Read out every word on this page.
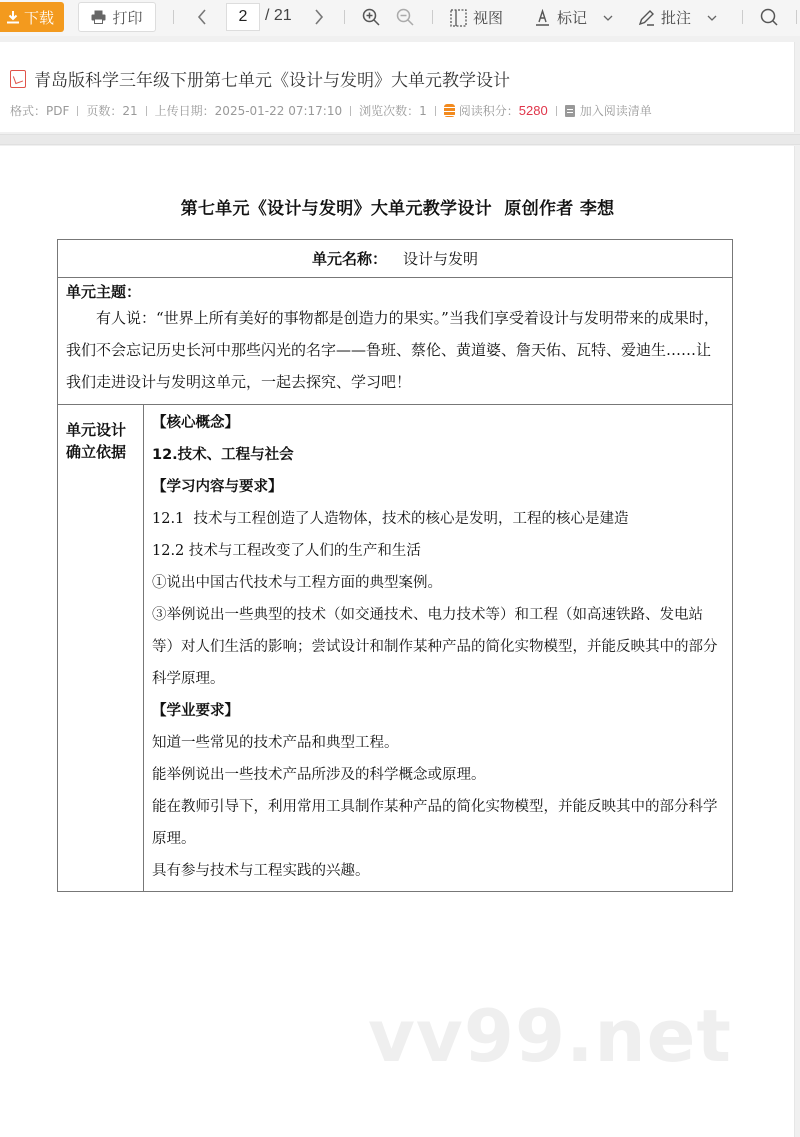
下载	打印	2	/ 21	视图	标记	批注
青岛版科学三年级下册第七单元《设计与发明》大单元教学设计
格式：PDF 页数：21 上传日期：2025-01-22 07:17:10 浏览次数：1	阅读积分： 5280	加入阅读清单
第七单元《设计与发明》大单元教学设计  原创作者 李想
单元名称： 设计与发明
单元主题：

有人说：“世界上所有美好的事物都是创造力的果实。”当我们享受着设计与发明带来的成果时，我们不会忘记历史长河中那些闪光的名字——鲁班、蔡伦、黄道婆、詹天佑、瓦特、爱迪生……让我们走进设计与发明这单元，一起去探究、学习吧！

单元设计
确立依据
【核心概念】
12.技术、工程与社会
【学习内容与要求】
12.1  技术与工程创造了人造物体，技术的核心是发明，工程的核心是建造
12.2 技术与工程改变了人们的生产和生活
①说出中国古代技术与工程方面的典型案例。
③举例说出一些典型的技术（如交通技术、电力技术等）和工程（如高速铁路、发电站等）对人们生活的影响；尝试设计和制作某种产品的简化实物模型，并能反映其中的部分科学原理。
【学业要求】
知道一些常见的技术产品和典型工程。
能举例说出一些技术产品所涉及的科学概念或原理。
能在教师引导下，利用常用工具制作某种产品的简化实物模型，并能反映其中的部分科学原理。
具有参与技术与工程实践的兴趣。
vv99.net
